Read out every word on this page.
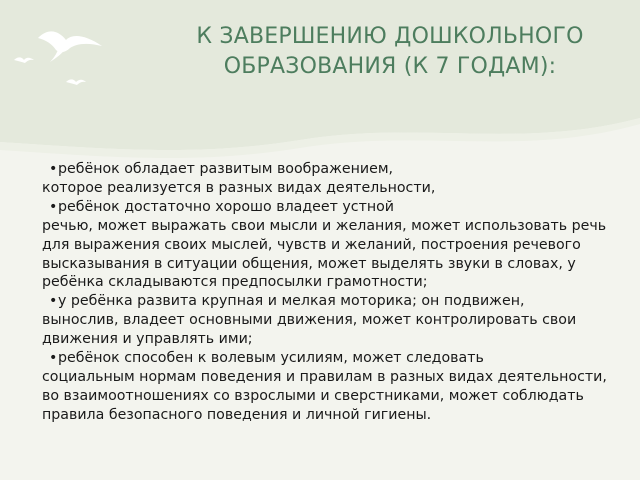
К ЗАВЕРШЕНИЮ ДОШКОЛЬНОГО
ОБРАЗОВАНИЯ (К 7 ГОДАМ):
• ребёнок обладает развитым воображением,
которое реализуется в разных видах деятельности,
• ребёнок достаточно хорошо владеет устной
речью, может выражать свои мысли и желания, может использовать речь для выражения своих мыслей, чувств и желаний, построения речевого высказывания в ситуации общения, может выделять звуки в словах, у ребёнка складываются предпосылки грамотности;
• у ребёнка развита крупная и мелкая моторика; он подвижен,
вынослив, владеет основными движения, может контролировать свои движения и управлять ими;
• ребёнок способен к волевым усилиям, может следовать
социальным нормам поведения и правилам в разных видах деятельности, во взаимоотношениях со взрослыми и сверстниками, может соблюдать правила безопасного поведения и личной гигиены.
